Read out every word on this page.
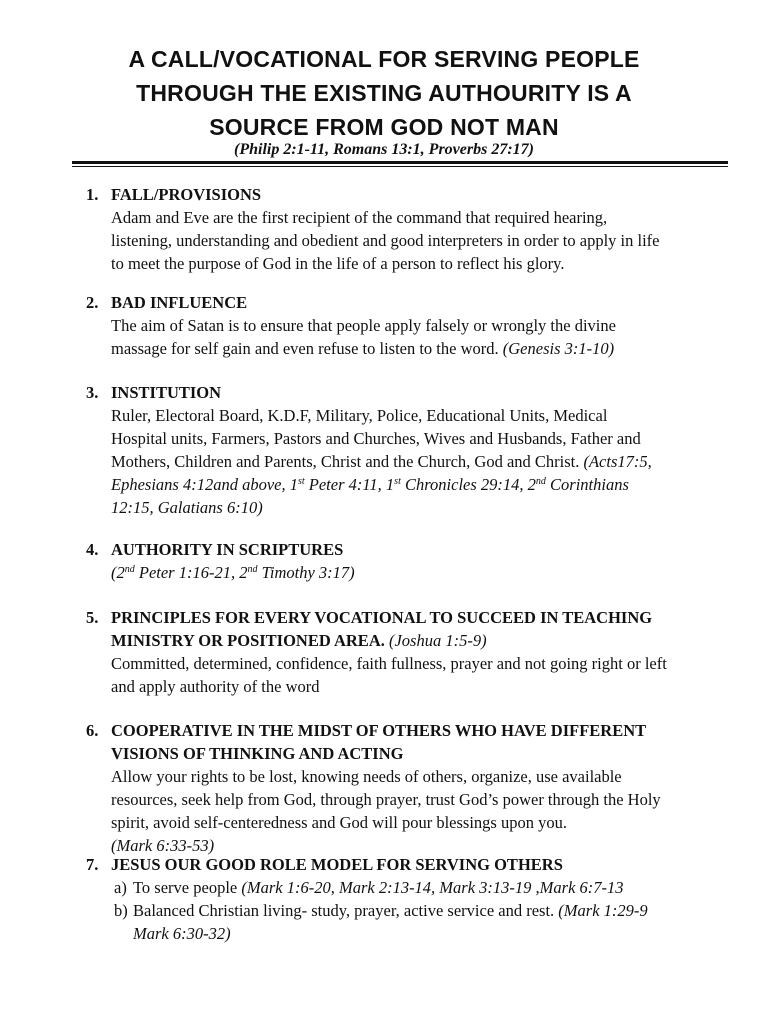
A CALL/VOCATIONAL FOR SERVING PEOPLE
THROUGH THE EXISTING AUTHOURITY IS A
SOURCE FROM GOD NOT MAN
(Philip 2:1-11, Romans 13:1, Proverbs 27:17)
1. FALL/PROVISIONS
Adam and Eve are the first recipient of the command that required hearing,
listening, understanding and obedient and good interpreters in order to apply in life
to meet the purpose of God in the life of a person to reflect his glory.
2. BAD INFLUENCE
The aim of Satan is to ensure that people apply falsely or wrongly the divine
massage for self gain and even refuse to listen to the word. (Genesis 3:1-10)
3. INSTITUTION
Ruler, Electoral Board, K.D.F, Military, Police, Educational Units, Medical
Hospital units, Farmers, Pastors and Churches, Wives and Husbands, Father and
Mothers, Children and Parents, Christ and the Church, God and Christ. (Acts17:5,
Ephesians 4:12and above, 1st Peter 4:11, 1st Chronicles 29:14, 2nd Corinthians
12:15, Galatians 6:10)
4. AUTHORITY IN SCRIPTURES
(2nd Peter 1:16-21, 2nd Timothy 3:17)
5. PRINCIPLES FOR EVERY VOCATIONAL TO SUCCEED IN TEACHING
MINISTRY OR POSITIONED AREA. (Joshua 1:5-9)
Committed, determined, confidence, faith fullness, prayer and not going right or left
and apply authority of the word
6. COOPERATIVE IN THE MIDST OF OTHERS WHO HAVE DIFFERENT
VISIONS OF THINKING AND ACTING
Allow your rights to be lost, knowing needs of others, organize, use available
resources, seek help from God, through prayer, trust God’s power through the Holy
spirit, avoid self-centeredness and God will pour blessings upon you.
(Mark 6:33-53)
7. JESUS OUR GOOD ROLE MODEL FOR SERVING OTHERS
a) To serve people (Mark 1:6-20, Mark 2:13-14, Mark 3:13-19 ,Mark 6:7-13
b) Balanced Christian living- study, prayer, active service and rest. (Mark 1:29-9
Mark 6:30-32)
